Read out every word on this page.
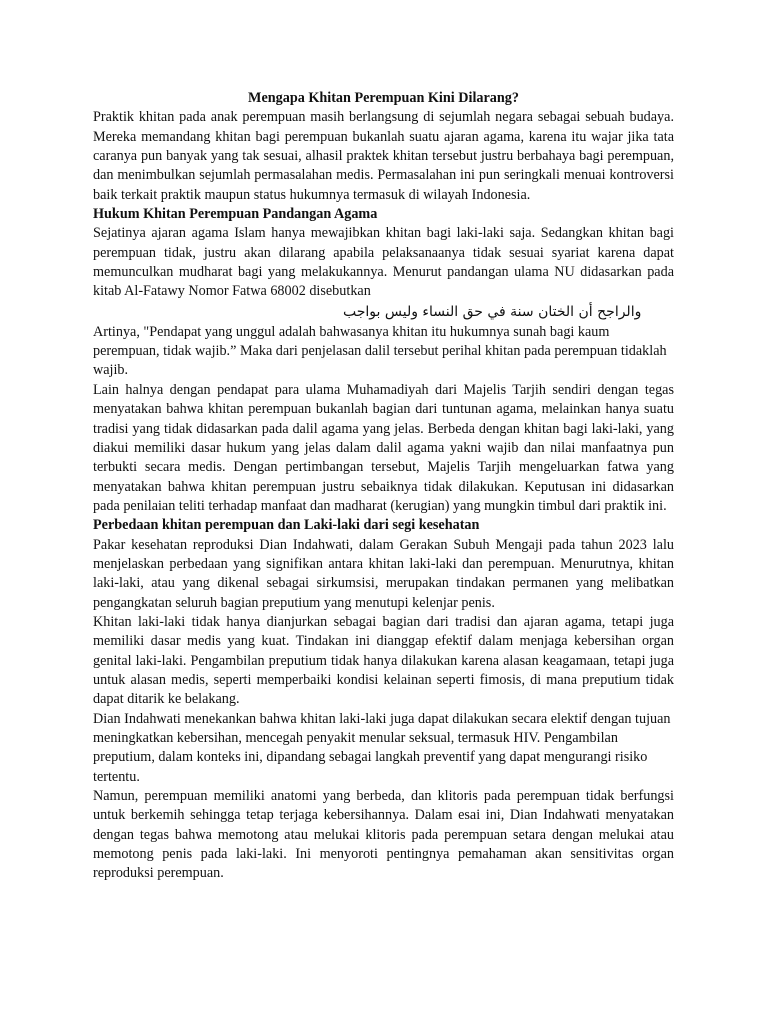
Mengapa Khitan Perempuan Kini Dilarang?

Praktik khitan pada anak perempuan masih berlangsung di sejumlah negara sebagai sebuah budaya. Mereka memandang khitan bagi perempuan bukanlah suatu ajaran agama, karena itu wajar jika tata caranya pun banyak yang tak sesuai, alhasil praktek khitan tersebut justru berbahaya bagi perempuan, dan menimbulkan sejumlah permasalahan medis. Permasalahan ini pun seringkali menuai kontroversi baik terkait praktik maupun status hukumnya termasuk di wilayah Indonesia.

Hukum Khitan Perempuan Pandangan Agama

Sejatinya ajaran agama Islam hanya mewajibkan khitan bagi laki-laki saja. Sedangkan khitan bagi perempuan tidak, justru akan dilarang apabila pelaksanaanya tidak sesuai syariat karena dapat memunculkan mudharat bagi yang melakukannya. Menurut pandangan ulama NU didasarkan pada kitab Al-Fatawy Nomor Fatwa 68002 disebutkan

والراجح أن الختان سنة في حق النساء وليس بواجب

Artinya, "Pendapat yang unggul adalah bahwasanya khitan itu hukumnya sunah bagi kaum perempuan, tidak wajib.” Maka dari penjelasan dalil tersebut perihal khitan pada perempuan tidaklah wajib.

Lain halnya dengan pendapat para ulama Muhamadiyah dari Majelis Tarjih sendiri dengan tegas menyatakan bahwa khitan perempuan bukanlah bagian dari tuntunan agama, melainkan hanya suatu tradisi yang tidak didasarkan pada dalil agama yang jelas. Berbeda dengan khitan bagi laki-laki, yang diakui memiliki dasar hukum yang jelas dalam dalil agama yakni wajib dan nilai manfaatnya pun terbukti secara medis. Dengan pertimbangan tersebut, Majelis Tarjih mengeluarkan fatwa yang menyatakan bahwa khitan perempuan justru sebaiknya tidak dilakukan. Keputusan ini didasarkan pada penilaian teliti terhadap manfaat dan madharat (kerugian) yang mungkin timbul dari praktik ini.

Perbedaan khitan perempuan dan Laki-laki dari segi kesehatan

Pakar kesehatan reproduksi Dian Indahwati, dalam Gerakan Subuh Mengaji pada tahun 2023 lalu menjelaskan perbedaan yang signifikan antara khitan laki-laki dan perempuan. Menurutnya, khitan laki-laki, atau yang dikenal sebagai sirkumsisi, merupakan tindakan permanen yang melibatkan pengangkatan seluruh bagian preputium yang menutupi kelenjar penis.

Khitan laki-laki tidak hanya dianjurkan sebagai bagian dari tradisi dan ajaran agama, tetapi juga memiliki dasar medis yang kuat. Tindakan ini dianggap efektif dalam menjaga kebersihan organ genital laki-laki. Pengambilan preputium tidak hanya dilakukan karena alasan keagamaan, tetapi juga untuk alasan medis, seperti memperbaiki kondisi kelainan seperti fimosis, di mana preputium tidak dapat ditarik ke belakang.

Dian Indahwati menekankan bahwa khitan laki-laki juga dapat dilakukan secara elektif dengan tujuan meningkatkan kebersihan, mencegah penyakit menular seksual, termasuk HIV. Pengambilan preputium, dalam konteks ini, dipandang sebagai langkah preventif yang dapat mengurangi risiko tertentu.

Namun, perempuan memiliki anatomi yang berbeda, dan klitoris pada perempuan tidak berfungsi untuk berkemih sehingga tetap terjaga kebersihannya. Dalam esai ini, Dian Indahwati menyatakan dengan tegas bahwa memotong atau melukai klitoris pada perempuan setara dengan melukai atau memotong penis pada laki-laki. Ini menyoroti pentingnya pemahaman akan sensitivitas organ reproduksi perempuan.
